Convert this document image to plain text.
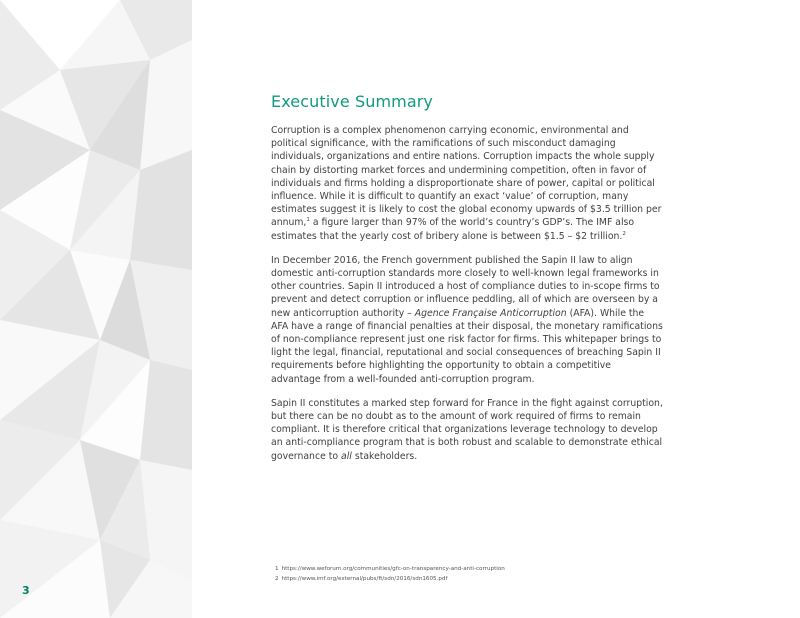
3
Executive Summary

Corruption is a complex phenomenon carrying economic, environmental and political significance, with the ramifications of such misconduct damaging individuals, organizations and entire nations. Corruption impacts the whole supply chain by distorting market forces and undermining competition, often in favor of individuals and firms holding a disproportionate share of power, capital or political influence. While it is difficult to quantify an exact ‘value’ of corruption, many estimates suggest it is likely to cost the global economy upwards of $3.5 trillion per annum,$^1$ a figure larger than 97% of the world’s country’s GDP’s. The IMF also estimates that the yearly cost of bribery alone is between $1.5 – $2 trillion.$^2$

In December 2016, the French government published the Sapin II law to align domestic anti-corruption standards more closely to well-known legal frameworks in other countries. Sapin II introduced a host of compliance duties to in-scope firms to prevent and detect corruption or influence peddling, all of which are overseen by a new anticorruption authority – Agence Française Anticorruption (AFA). While the AFA have a range of financial penalties at their disposal, the monetary ramifications of non-compliance represent just one risk factor for firms. This whitepaper brings to light the legal, financial, reputational and social consequences of breaching Sapin II requirements before highlighting the opportunity to obtain a competitive advantage from a well-founded anti-corruption program.

Sapin II constitutes a marked step forward for France in the fight against corruption, but there can be no doubt as to the amount of work required of firms to remain compliant. It is therefore critical that organizations leverage technology to develop an anti-compliance program that is both robust and scalable to demonstrate ethical governance to all stakeholders.

1 https://www.weforum.org/communities/gfc-on-transparency-and-anti-corruption
2 https://www.imf.org/external/pubs/ft/sdn/2016/sdn1605.pdf
